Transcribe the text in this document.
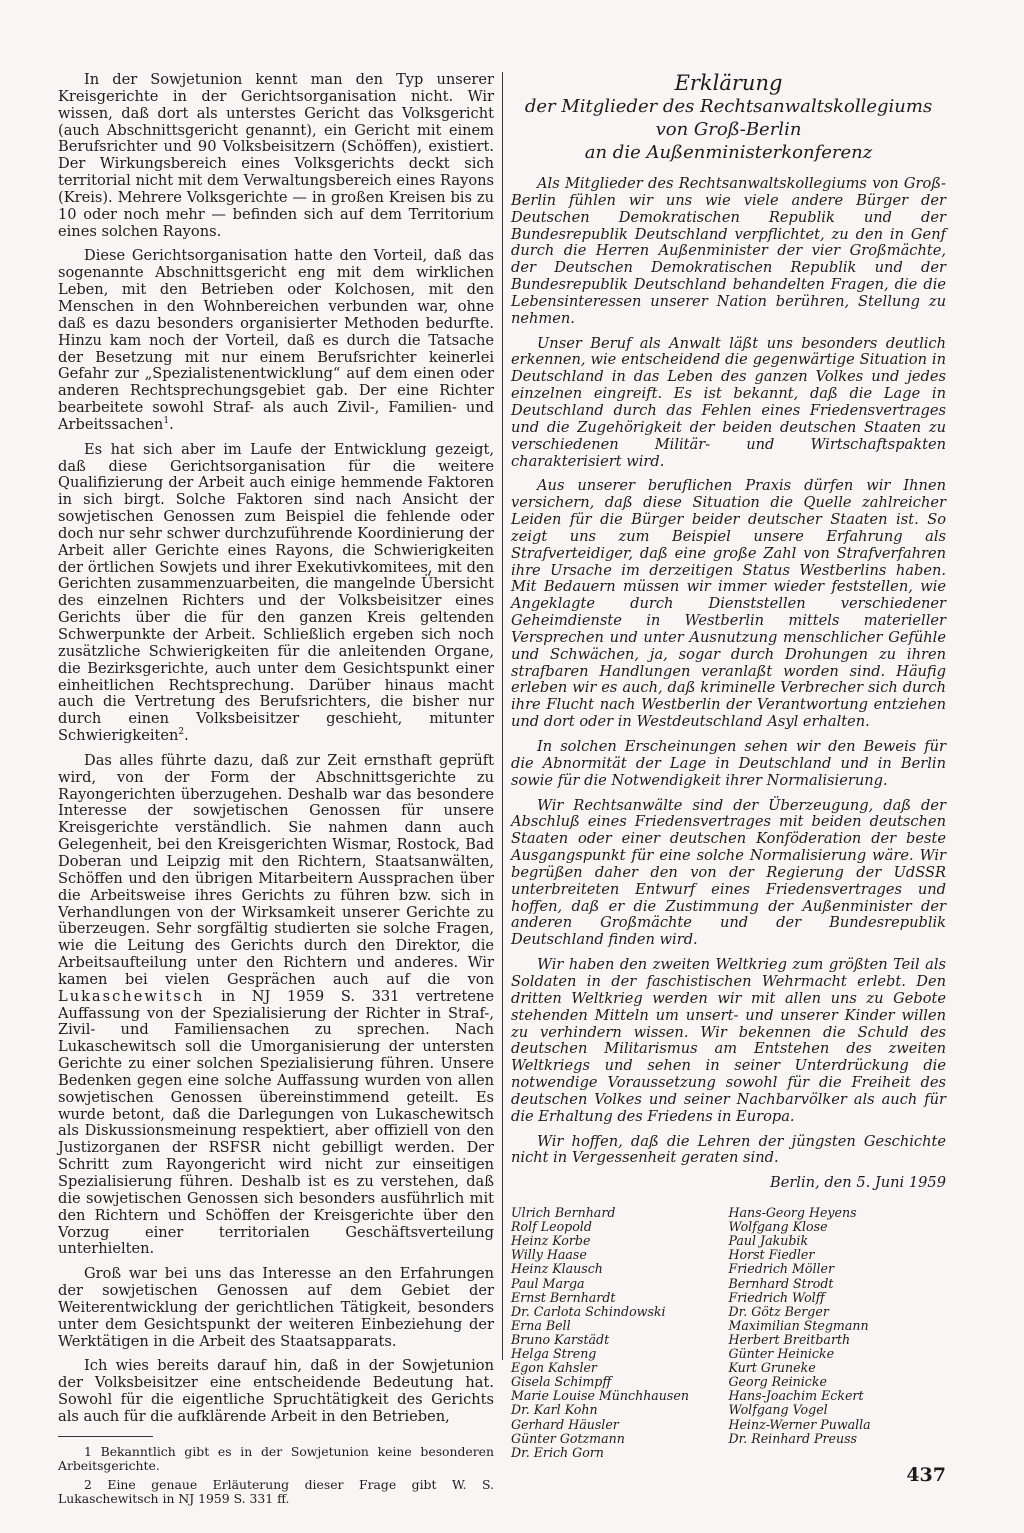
In der Sowjetunion kennt man den Typ unserer Kreisgerichte in der Gerichtsorganisation nicht. Wir wissen, daß dort als unterstes Gericht das Volksgericht (auch Abschnittsgericht genannt), ein Gericht mit einem Berufsrichter und 90 Volksbeisitzern (Schöffen), existiert. Der Wirkungsbereich eines Volksgerichts deckt sich territorial nicht mit dem Verwaltungsbereich eines Rayons (Kreis). Mehrere Volksgerichte — in großen Kreisen bis zu 10 oder noch mehr — befinden sich auf dem Territorium eines solchen Rayons.

Diese Gerichtsorganisation hatte den Vorteil, daß das sogenannte Abschnittsgericht eng mit dem wirklichen Leben, mit den Betrieben oder Kolchosen, mit den Menschen in den Wohnbereichen verbunden war, ohne daß es dazu besonders organisierter Methoden bedurfte. Hinzu kam noch der Vorteil, daß es durch die Tatsache der Besetzung mit nur einem Berufsrichter keinerlei Gefahr zur „Spezialistenentwicklung“ auf dem einen oder anderen Rechtsprechungsgebiet gab. Der eine Richter bearbeitete sowohl Straf- als auch Zivil-, Familien- und Arbeitssachen$^1$.

Es hat sich aber im Laufe der Entwicklung gezeigt, daß diese Gerichtsorganisation für die weitere Qualifizierung der Arbeit auch einige hemmende Faktoren in sich birgt. Solche Faktoren sind nach Ansicht der sowjetischen Genossen zum Beispiel die fehlende oder doch nur sehr schwer durchzuführende Koordinierung der Arbeit aller Gerichte eines Rayons, die Schwierigkeiten der örtlichen Sowjets und ihrer Exekutivkomitees, mit den Gerichten zusammenzuarbeiten, die mangelnde Übersicht des einzelnen Richters und der Volksbeisitzer eines Gerichts über die für den ganzen Kreis geltenden Schwerpunkte der Arbeit. Schließlich ergeben sich noch zusätzliche Schwierigkeiten für die anleitenden Organe, die Bezirksgerichte, auch unter dem Gesichtspunkt einer einheitlichen Rechtsprechung. Darüber hinaus macht auch die Vertretung des Berufsrichters, die bisher nur durch einen Volksbeisitzer geschieht, mitunter Schwierigkeiten$^2$.

Das alles führte dazu, daß zur Zeit ernsthaft geprüft wird, von der Form der Abschnittsgerichte zu Rayongerichten überzugehen. Deshalb war das besondere Interesse der sowjetischen Genossen für unsere Kreisgerichte verständlich. Sie nahmen dann auch Gelegenheit, bei den Kreisgerichten Wismar, Rostock, Bad Doberan und Leipzig mit den Richtern, Staatsanwälten, Schöffen und den übrigen Mitarbeitern Aussprachen über die Arbeitsweise ihres Gerichts zu führen bzw. sich in Verhandlungen von der Wirksamkeit unserer Gerichte zu überzeugen. Sehr sorgfältig studierten sie solche Fragen, wie die Leitung des Gerichts durch den Direktor, die Arbeitsaufteilung unter den Richtern und anderes. Wir kamen bei vielen Gesprächen auch auf die von Lukaschewitsch in NJ 1959 S. 331 vertretene Auffassung von der Spezialisierung der Richter in Straf-, Zivil- und Familiensachen zu sprechen. Nach Lukaschewitsch soll die Umorganisierung der untersten Gerichte zu einer solchen Spezialisierung führen. Unsere Bedenken gegen eine solche Auffassung wurden von allen sowjetischen Genossen übereinstimmend geteilt. Es wurde betont, daß die Darlegungen von Lukaschewitsch als Diskussionsmeinung respektiert, aber offiziell von den Justizorganen der RSFSR nicht gebilligt werden. Der Schritt zum Rayongericht wird nicht zur einseitigen Spezialisierung führen. Deshalb ist es zu verstehen, daß die sowjetischen Genossen sich besonders ausführlich mit den Richtern und Schöffen der Kreisgerichte über den Vorzug einer territorialen Geschäftsverteilung unterhielten.

Groß war bei uns das Interesse an den Erfahrungen der sowjetischen Genossen auf dem Gebiet der Weiterentwicklung der gerichtlichen Tätigkeit, besonders unter dem Gesichtspunkt der weiteren Einbeziehung der Werktätigen in die Arbeit des Staatsapparats.

Ich wies bereits darauf hin, daß in der Sowjetunion der Volksbeisitzer eine entscheidende Bedeutung hat. Sowohl für die eigentliche Spruchtätigkeit des Gerichts als auch für die aufklärende Arbeit in den Betrieben,

1 Bekanntlich gibt es in der Sowjetunion keine besonderen Arbeitsgerichte.

2 Eine genaue Erläuterung dieser Frage gibt W. S. Lukaschewitsch in NJ 1959 S. 331 ff.

Erklärung
der Mitglieder des Rechtsanwaltskollegiums
von Groß-Berlin
an die Außenministerkonferenz

Als Mitglieder des Rechtsanwaltskollegiums von Groß-Berlin fühlen wir uns wie viele andere Bürger der Deutschen Demokratischen Republik und der Bundesrepublik Deutschland verpflichtet, zu den in Genf durch die Herren Außenminister der vier Großmächte, der Deutschen Demokratischen Republik und der Bundesrepublik Deutschland behandelten Fragen, die die Lebensinteressen unserer Nation berühren, Stellung zu nehmen.

Unser Beruf als Anwalt läßt uns besonders deutlich erkennen, wie entscheidend die gegenwärtige Situation in Deutschland in das Leben des ganzen Volkes und jedes einzelnen eingreift. Es ist bekannt, daß die Lage in Deutschland durch das Fehlen eines Friedensvertrages und die Zugehörigkeit der beiden deutschen Staaten zu verschiedenen Militär- und Wirtschaftspakten charakterisiert wird.

Aus unserer beruflichen Praxis dürfen wir Ihnen versichern, daß diese Situation die Quelle zahlreicher Leiden für die Bürger beider deutscher Staaten ist. So zeigt uns zum Beispiel unsere Erfahrung als Strafverteidiger, daß eine große Zahl von Strafverfahren ihre Ursache im derzeitigen Status Westberlins haben. Mit Bedauern müssen wir immer wieder feststellen, wie Angeklagte durch Dienststellen verschiedener Geheimdienste in Westberlin mittels materieller Versprechen und unter Ausnutzung menschlicher Gefühle und Schwächen, ja, sogar durch Drohungen zu ihren strafbaren Handlungen veranlaßt worden sind. Häufig erleben wir es auch, daß kriminelle Verbrecher sich durch ihre Flucht nach Westberlin der Verantwortung entziehen und dort oder in Westdeutschland Asyl erhalten.

In solchen Erscheinungen sehen wir den Beweis für die Abnormität der Lage in Deutschland und in Berlin sowie für die Notwendigkeit ihrer Normalisierung.

Wir Rechtsanwälte sind der Überzeugung, daß der Abschluß eines Friedensvertrages mit beiden deutschen Staaten oder einer deutschen Konföderation der beste Ausgangspunkt für eine solche Normalisierung wäre. Wir begrüßen daher den von der Regierung der UdSSR unterbreiteten Entwurf eines Friedensvertrages und hoffen, daß er die Zustimmung der Außenminister der anderen Großmächte und der Bundesrepublik Deutschland finden wird.

Wir haben den zweiten Weltkrieg zum größten Teil als Soldaten in der faschistischen Wehrmacht erlebt. Den dritten Weltkrieg werden wir mit allen uns zu Gebote stehenden Mitteln um unsert- und unserer Kinder willen zu verhindern wissen. Wir bekennen die Schuld des deutschen Militarismus am Entstehen des zweiten Weltkriegs und sehen in seiner Unterdrückung die notwendige Voraussetzung sowohl für die Freiheit des deutschen Volkes und seiner Nachbarvölker als auch für die Erhaltung des Friedens in Europa.

Wir hoffen, daß die Lehren der jüngsten Geschichte nicht in Vergessenheit geraten sind.

Berlin, den 5. Juni 1959
Ulrich Bernhard
Rolf Leopold
Heinz Korbe
Willy Haase
Heinz Klausch
Paul Marga
Ernst Bernhardt
Dr. Carlota Schindowski
Erna Bell
Bruno Karstädt
Helga Streng
Egon Kahsler
Gisela Schimpff
Marie Louise Münchhausen
Dr. Karl Kohn
Gerhard Häusler
Günter Gotzmann
Dr. Erich Gorn
Hans-Georg Heyens
Wolfgang Klose
Paul Jakubik
Horst Fiedler
Friedrich Möller
Bernhard Strodt
Friedrich Wolff
Dr. Götz Berger
Maximilian Stegmann
Herbert Breitbarth
Günter Heinicke
Kurt Gruneke
Georg Reinicke
Hans-Joachim Eckert
Wolfgang Vogel
Heinz-Werner Puwalla
Dr. Reinhard Preuss
437
